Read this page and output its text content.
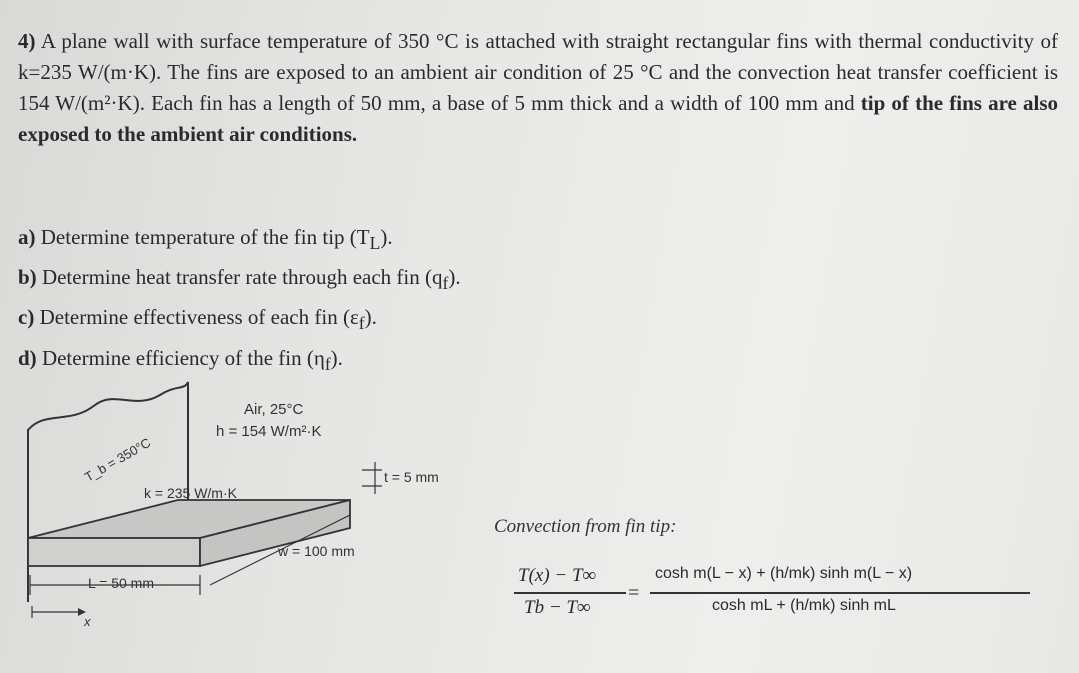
4) A plane wall with surface temperature of 350 °C is attached with straight rectangular fins with thermal conductivity of k=235 W/(m·K). The fins are exposed to an ambient air condition of 25 °C and the convection heat transfer coefficient is 154 W/(m²·K). Each fin has a length of 50 mm, a base of 5 mm thick and a width of 100 mm and tip of the fins are also exposed to the ambient air conditions.
a) Determine temperature of the fin tip $(T_L)$.
b) Determine heat transfer rate through each fin $(q_f)$.
c) Determine effectiveness of each fin $(\varepsilon_f)$.
d) Determine efficiency of the fin $(\eta_f)$.
Air, 25°C
h = 154 W/m²·K
T_b = 350°C
k = 235 W/m·K
t = 5 mm
w = 100 mm
L = 50 mm
x
Convection from fin tip:
T(x) − T∞
Tb − T∞
=
cosh m(L − x) + (h/mk) sinh m(L − x)
cosh mL + (h/mk) sinh mL
